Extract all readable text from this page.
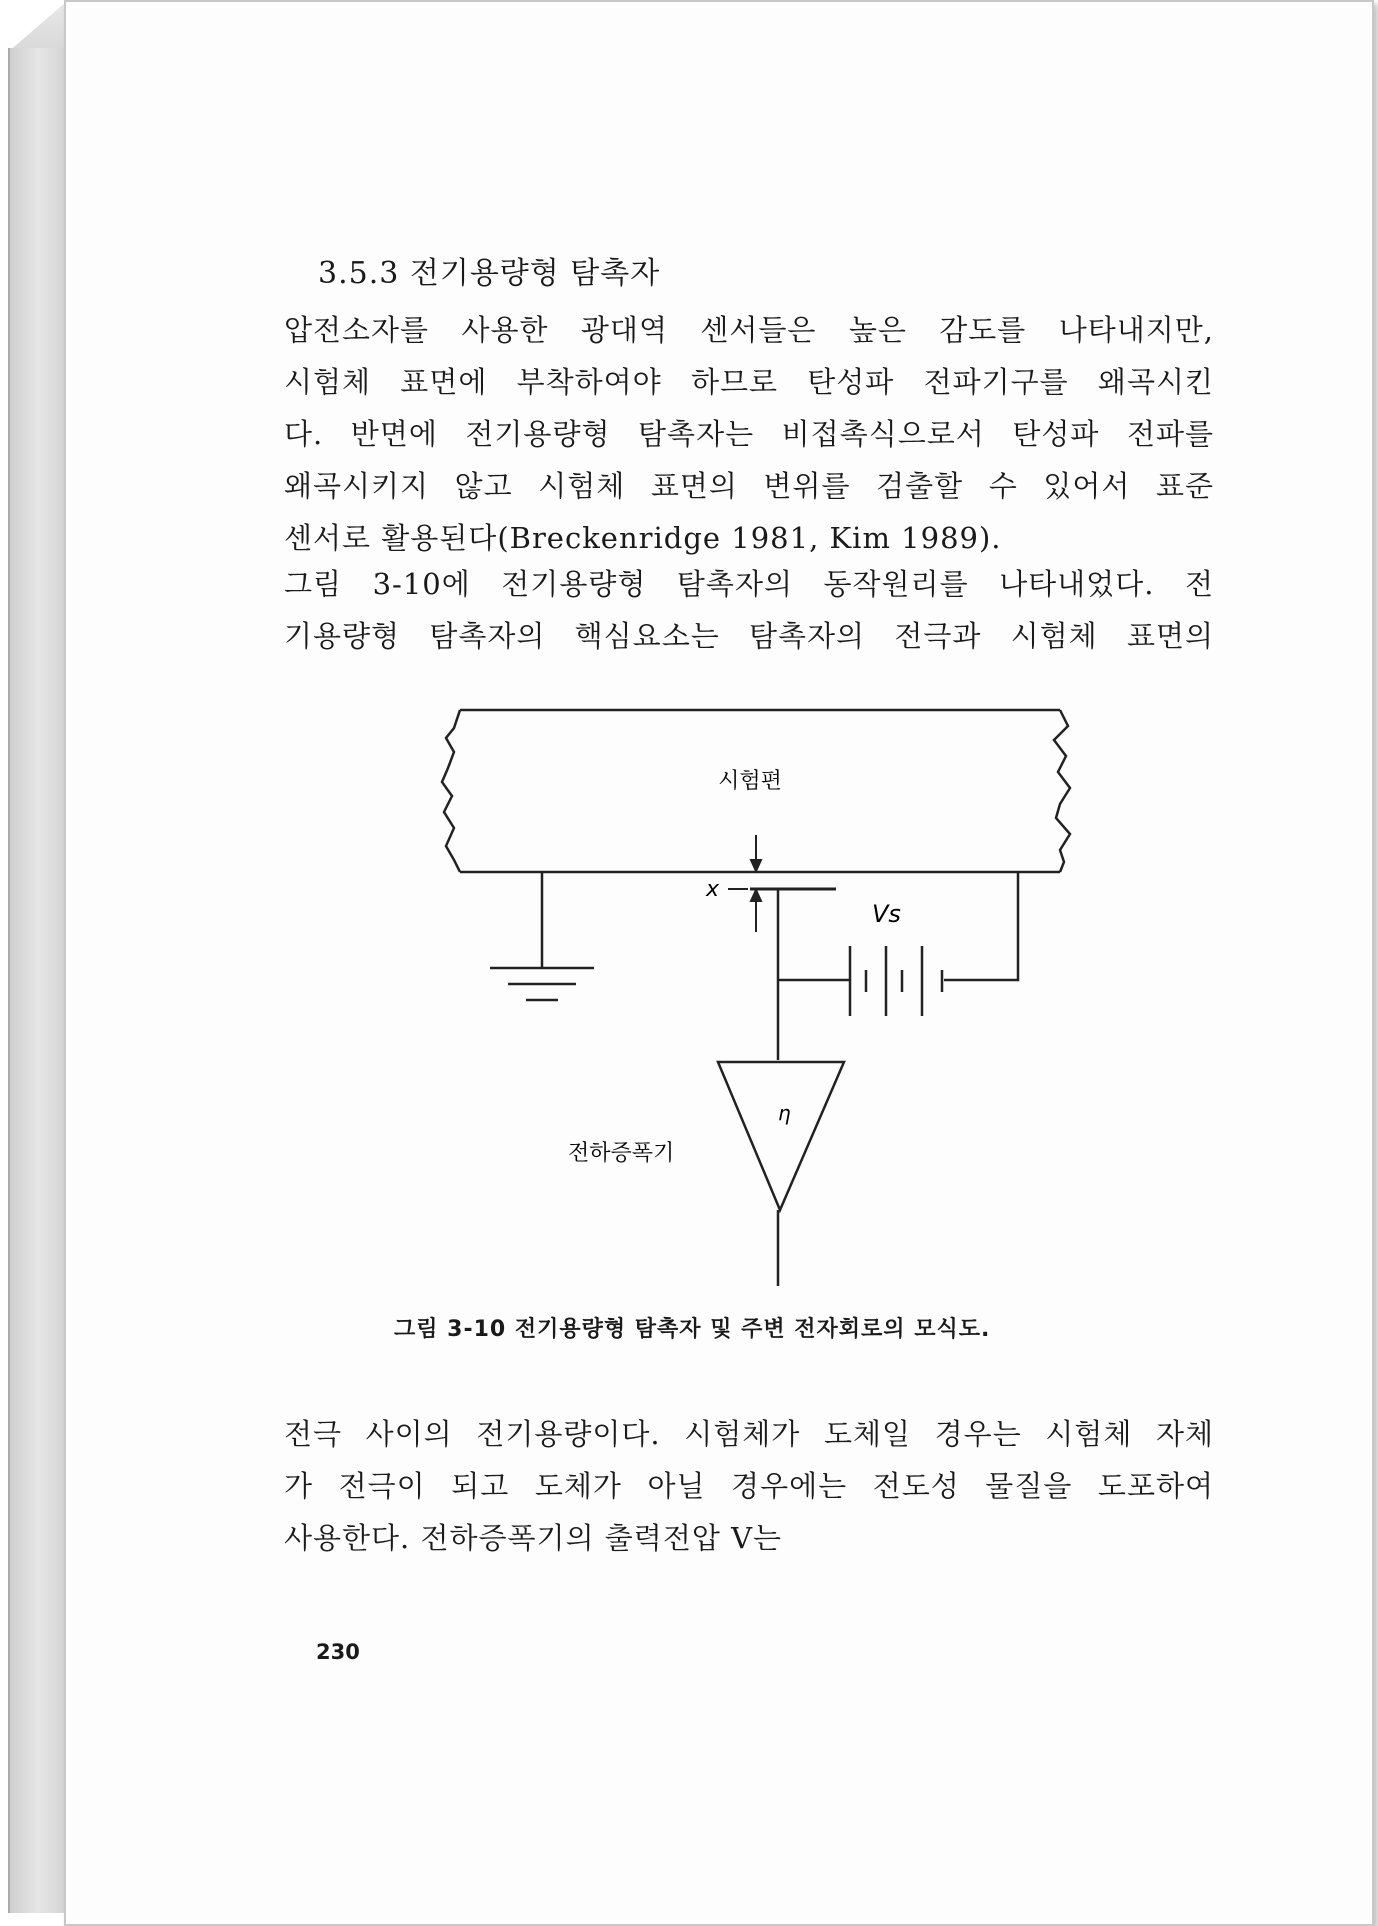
3.5.3 전기용량형 탐촉자
압전소자를 사용한 광대역 센서들은 높은 감도를 나타내지만,
시험체 표면에 부착하여야 하므로 탄성파 전파기구를 왜곡시킨
다. 반면에 전기용량형 탐촉자는 비접촉식으로서 탄성파 전파를
왜곡시키지 않고 시험체 표면의 변위를 검출할 수 있어서 표준
센서로 활용된다(Breckenridge 1981, Kim 1989).
그림 3-10에 전기용량형 탐촉자의 동작원리를 나타내었다. 전
기용량형 탐촉자의 핵심요소는 탐촉자의 전극과 시험체 표면의
시험편
x
Vs
η
전하증폭기
그림 3-10 전기용량형 탐촉자 및 주변 전자회로의 모식도.
전극 사이의 전기용량이다. 시험체가 도체일 경우는 시험체 자체
가 전극이 되고 도체가 아닐 경우에는 전도성 물질을 도포하여
사용한다. 전하증폭기의 출력전압 V는
230
